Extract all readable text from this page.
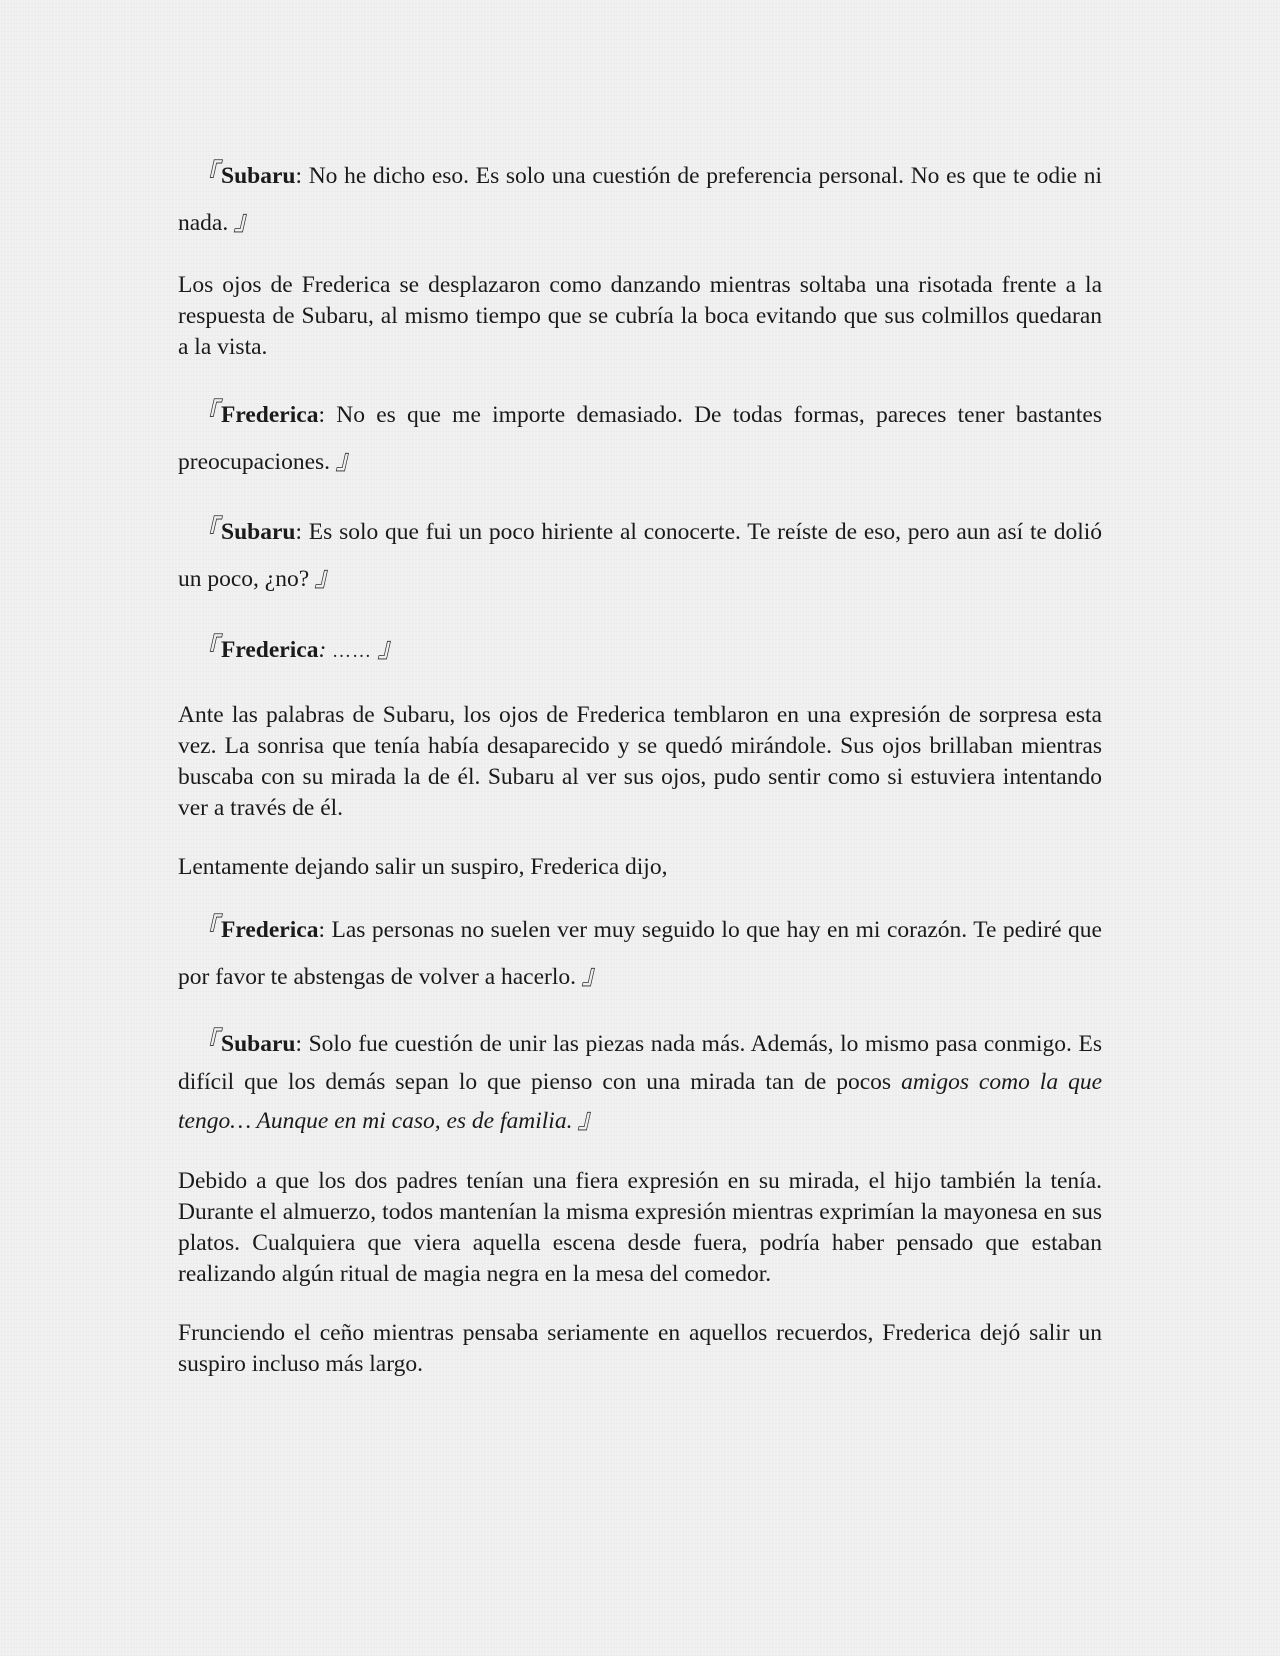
『 Subaru: No he dicho eso. Es solo una cuestión de preferencia personal. No es que te odie ni nada. 』

Los ojos de Frederica se desplazaron como danzando mientras soltaba una risotada frente a la respuesta de Subaru, al mismo tiempo que se cubría la boca evitando que sus colmillos quedaran a la vista.

『 Frederica: No es que me importe demasiado. De todas formas, pareces tener bastantes preocupaciones. 』

『 Subaru: Es solo que fui un poco hiriente al conocerte. Te reíste de eso, pero aun así te dolió un poco, ¿no? 』

『 Frederica: …… 』

Ante las palabras de Subaru, los ojos de Frederica temblaron en una expresión de sorpresa esta vez. La sonrisa que tenía había desaparecido y se quedó mirándole. Sus ojos brillaban mientras buscaba con su mirada la de él. Subaru al ver sus ojos, pudo sentir como si estuviera intentando ver a través de él.

Lentamente dejando salir un suspiro, Frederica dijo,

『 Frederica: Las personas no suelen ver muy seguido lo que hay en mi corazón. Te pediré que por favor te abstengas de volver a hacerlo. 』

『 Subaru: Solo fue cuestión de unir las piezas nada más. Además, lo mismo pasa conmigo. Es difícil que los demás sepan lo que pienso con una mirada tan de pocos amigos como la que tengo… Aunque en mi caso, es de familia. 』

Debido a que los dos padres tenían una fiera expresión en su mirada, el hijo también la tenía. Durante el almuerzo, todos mantenían la misma expresión mientras exprimían la mayonesa en sus platos. Cualquiera que viera aquella escena desde fuera, podría haber pensado que estaban realizando algún ritual de magia negra en la mesa del comedor.

Frunciendo el ceño mientras pensaba seriamente en aquellos recuerdos, Frederica dejó salir un suspiro incluso más largo.
